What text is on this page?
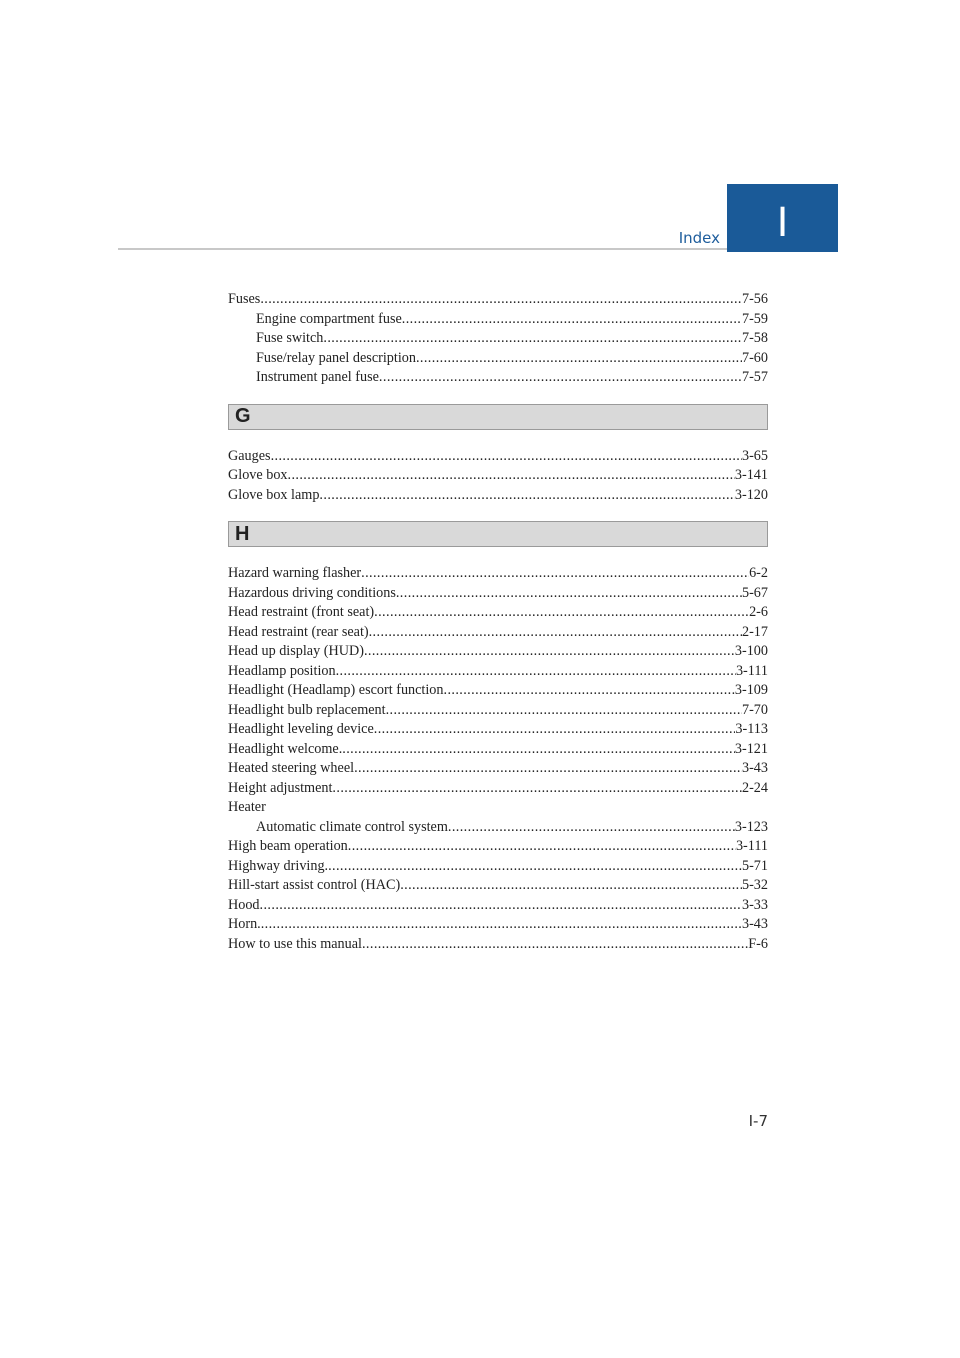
Index I
Fuses .....	7-56
Engine compartment fuse .....	7-59
Fuse switch .....	7-58
Fuse/relay panel description .....	7-60
Instrument panel fuse .....	7-57
G
Gauges .....	3-65
Glove box .....	3-141
Glove box lamp .....	3-120
H
Hazard warning flasher .....	6-2
Hazardous driving conditions .....	5-67
Head restraint (front seat) .....	2-6
Head restraint (rear seat) .....	2-17
Head up display (HUD) .....	3-100
Headlamp position .....	3-111
Headlight (Headlamp) escort function .....	3-109
Headlight bulb replacement .....	7-70
Headlight leveling device .....	3-113
Headlight welcome. .....	3-121
Heated steering wheel .....	3-43
Height adjustment .....	2-24
Heater
Automatic climate control system .....	3-123
High beam operation .....	3-111
Highway driving. .....	5-71
Hill-start assist control (HAC) .....	5-32
Hood .....	3-33
Horn. .....	3-43
How to use this manual .....	F-6
I-7
